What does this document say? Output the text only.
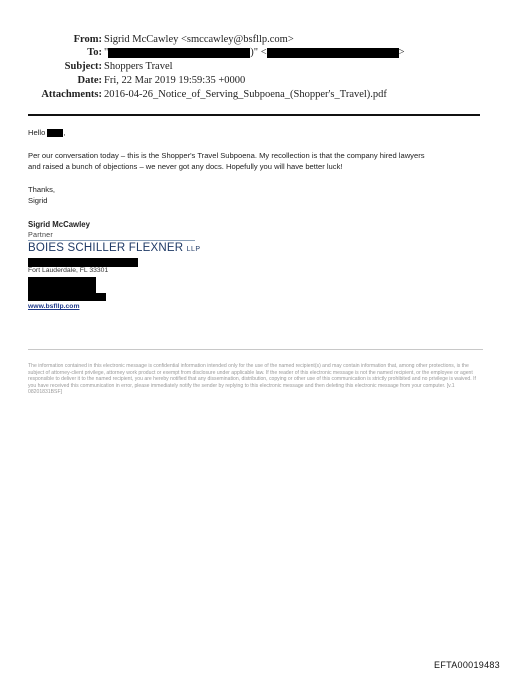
From: Sigrid McCawley <smccawley@bsfllp.com>
To: "	)" <	>
Subject: Shoppers Travel
Date: Fri, 22 Mar 2019 19:59:35 +0000
Attachments: 2016-04-26_Notice_of_Serving_Subpoena_(Shopper's_Travel).pdf
Hello ,
Per our conversation today – this is the Shopper's Travel Subpoena. My recollection is that the company hired lawyers
and raised a bunch of objections – we never got any docs. Hopefully you will have better luck!
Thanks,
Sigrid
Sigrid McCawley
Partner
BOIES SCHILLER FLEXNER LLP
Fort Lauderdale, FL 33301
www.bsfllp.com
The information contained in this electronic message is confidential information intended only for the use of the named recipient(s) and may contain information that, among other protections, is the subject of attorney-client privilege, attorney work product or exempt from disclosure under applicable law. If the reader of this electronic message is not the named recipient, or the employee or agent responsible to deliver it to the named recipient, you are hereby notified that any dissemination, distribution, copying or other use of this communication is strictly prohibited and no privilege is waived. If you have received this communication in error, please immediately notify the sender by replying to this electronic message and then deleting this electronic message from your computer. [v.1 08201831BSF]
EFTA00019483
